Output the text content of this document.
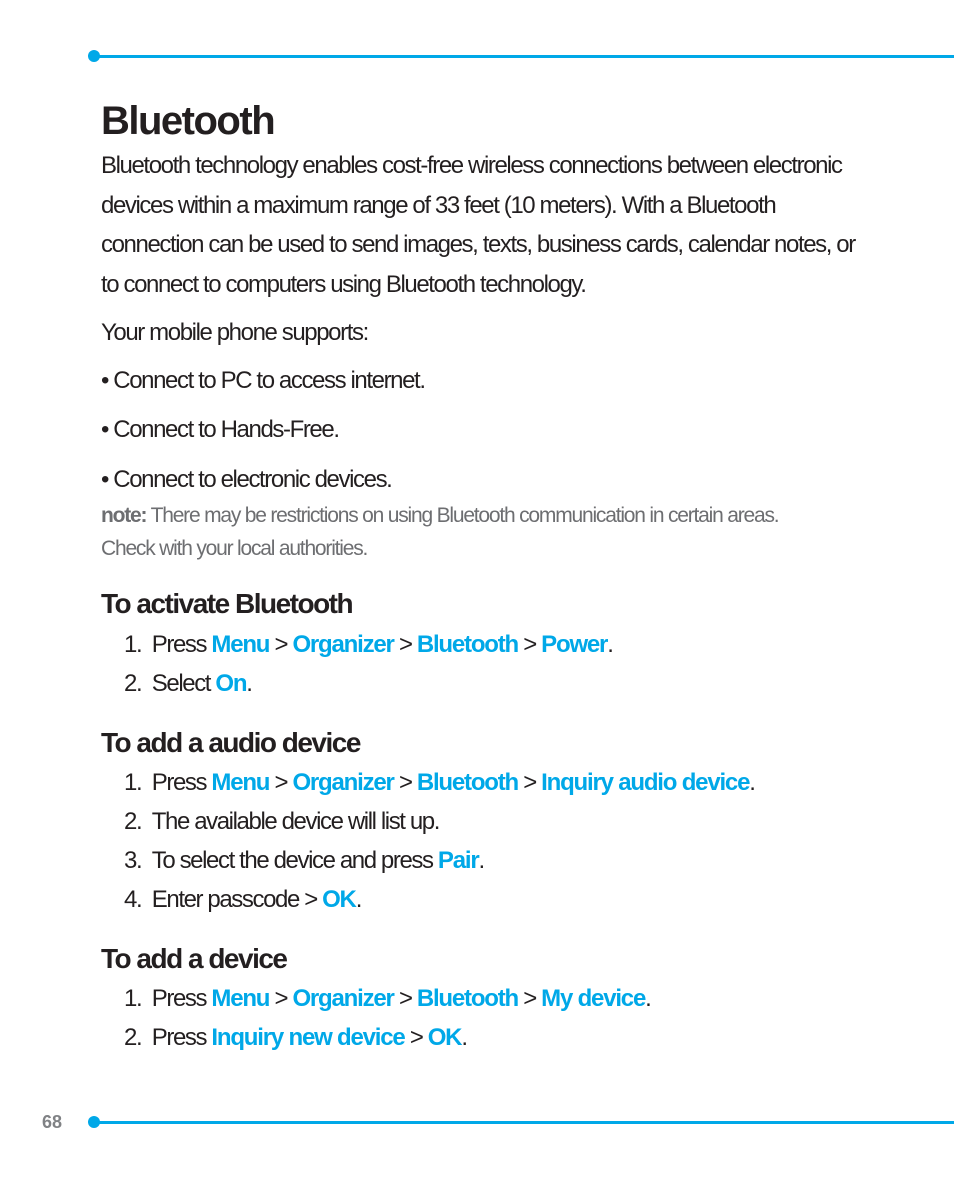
Bluetooth

Bluetooth technology enables cost-free wireless connections between electronic devices within a maximum range of 33 feet (10 meters). With a Bluetooth connection can be used to send images, texts, business cards, calendar notes, or to connect to computers using Bluetooth technology.

Your mobile phone supports:

• Connect to PC to access internet.

• Connect to Hands-Free.

• Connect to electronic devices.

note: There may be restrictions on using Bluetooth communication in certain areas. Check with your local authorities.

To activate Bluetooth

1.  Press Menu > Organizer > Bluetooth > Power.

2.  Select On.

To add a audio device

1.  Press Menu > Organizer > Bluetooth > Inquiry audio device.

2.  The available device will list up.

3.  To select the device and press Pair.

4.  Enter passcode > OK.

To add a device

1.  Press Menu > Organizer > Bluetooth > My device.

2.  Press Inquiry new device > OK.

68
